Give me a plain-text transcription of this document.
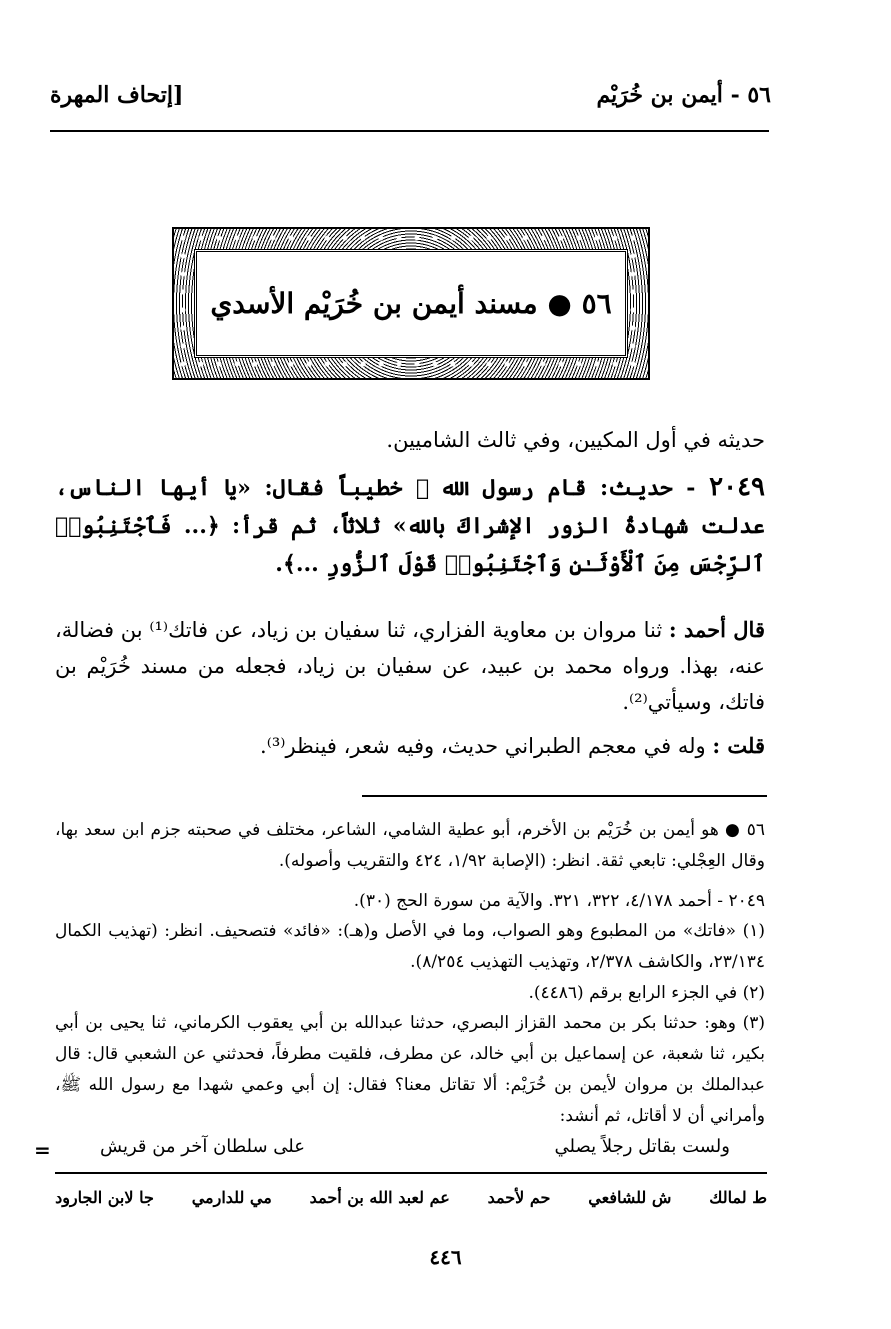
٥٦ - أيمن بن خُرَيْم
[إتحاف المهرة
٥٦ ● مسند أيمن بن خُرَيْم الأسدي
حديثه في أول المكيين، وفي ثالث الشاميين.
٢٠٤٩ - حديث: قام رسول الله ﷺ خطيباً فقال: «يا أيها الناس، عدلت شهادةُ الزور الإشراكَ بالله» ثلاثاً، ثم قرأ: ﴿... فَٱجْتَنِبُوا۟ ٱلرِّجْسَ مِنَ ٱلْأَوْثَـٰنِ وَٱجْتَنِبُوا۟ قَوْلَ ٱلزُّورِ ...﴾.
قال أحمد : ثنا مروان بن معاوية الفزاري، ثنا سفيان بن زياد، عن فاتك⁽¹⁾ بن فضالة، عنه، بهذا. ورواه محمد بن عبيد، عن سفيان بن زياد، فجعله من مسند خُرَيْم بن فاتك، وسيأتي⁽²⁾.
قلت : وله في معجم الطبراني حديث، وفيه شعر، فينظر⁽³⁾.
٥٦ ● هو أيمن بن خُرَيْم بن الأخرم، أبو عطية الشامي، الشاعر، مختلف في صحبته جزم ابن سعد بها، وقال العِجْلي: تابعي ثقة. انظر: (الإصابة ١/٩٢، ٤٢٤ والتقريب وأصوله).
٢٠٤٩ - أحمد ٤/١٧٨، ٣٢٢، ٣٢١. والآية من سورة الحج (٣٠).
(١) «فاتك» من المطبوع وهو الصواب، وما في الأصل و(هـ): «فائد» فتصحيف. انظر: (تهذيب الكمال ٢٣/١٣٤، والكاشف ٢/٣٧٨، وتهذيب التهذيب ٨/٢٥٤).
(٢) في الجزء الرابع برقم (٤٤٨٦).
(٣) وهو: حدثنا بكر بن محمد القزاز البصري، حدثنا عبدالله بن أبي يعقوب الكرماني، ثنا يحيى بن أبي بكير، ثنا شعبة، عن إسماعيل بن أبي خالد، عن مطرف، فلقيت مطرفاً، فحدثني عن الشعبي قال: قال عبدالملك بن مروان لأيمن بن خُرَيْم: ألا تقاتل معنا؟ فقال: إن أبي وعمي شهدا مع رسول الله ﷺ، وأمراني أن لا أقاتل، ثم أنشد:
ولست بقاتل رجلاً يصلي
على سلطان آخر من قريش
=
ط لمالك
ش للشافعي
حم لأحمد
عم لعبد الله بن أحمد
مي للدارمي
جا لابن الجارود
٤٤٦
